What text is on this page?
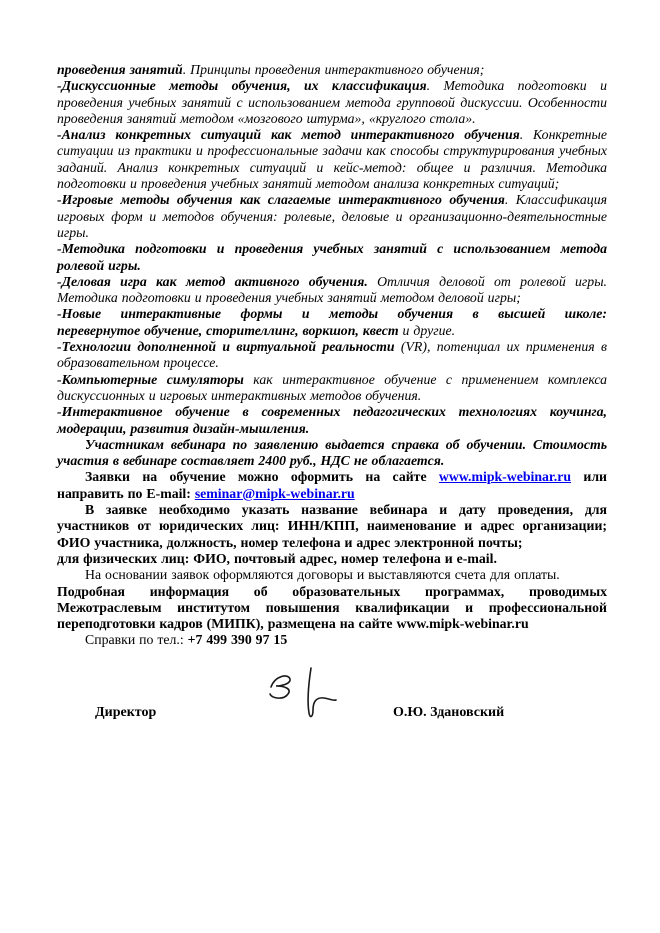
проведения занятий. Принципы проведения интерактивного обучения;

-Дискуссионные методы обучения, их классификация. Методика подготовки и проведения учебных занятий с использованием метода групповой дискуссии. Особенности проведения занятий методом «мозгового штурма», «круглого стола».

-Анализ конкретных ситуаций как метод интерактивного обучения. Конкретные ситуации из практики и профессиональные задачи как способы структурирования учебных заданий. Анализ конкретных ситуаций и кейс-метод: общее и различия. Методика подготовки и проведения учебных занятий методом анализа конкретных ситуаций;

-Игровые методы обучения как слагаемые интерактивного обучения. Классификация игровых форм и методов обучения: ролевые, деловые и организационно-деятельностные игры.

-Методика подготовки и проведения учебных занятий с использованием метода ролевой игры.

-Деловая игра как метод активного обучения. Отличия деловой от ролевой игры. Методика подготовки и проведения учебных занятий методом деловой игры;

-Новые интерактивные формы и методы обучения в высшей школе:

перевернутое обучение, сторителлинг, воркшоп, квест и другие.

-Технологии дополненной и виртуальной реальности (VR), потенциал их применения в образовательном процессе.

-Компьютерные симуляторы как интерактивное обучение с применением комплекса дискуссионных и игровых интерактивных методов обучения.

-Интерактивное обучение в современных педагогических технологиях коучинга, модерации, развития дизайн-мышления.

Участникам вебинара по заявлению выдается справка об обучении. Стоимость участия в вебинаре составляет 2400 руб., НДС не облагается.

Заявки на обучение можно оформить на сайте www.mipk-webinar.ru или направить по E-mail: seminar@mipk-webinar.ru

В заявке необходимо указать название вебинара и дату проведения, для участников от юридических лиц: ИНН/КПП, наименование и адрес организации; ФИО участника, должность, номер телефона и адрес электронной почты;

для физических лиц: ФИО, почтовый адрес, номер телефона и e-mail.

На основании заявок оформляются договоры и выставляются счета для оплаты.

Подробная информация об образовательных программах, проводимых Межотраслевым институтом повышения квалификации и профессиональной переподготовки кадров (МИПК), размещена на сайте www.mipk-webinar.ru

Справки по тел.: +7 499 390 97 15

Директор	О.Ю. Здановский
